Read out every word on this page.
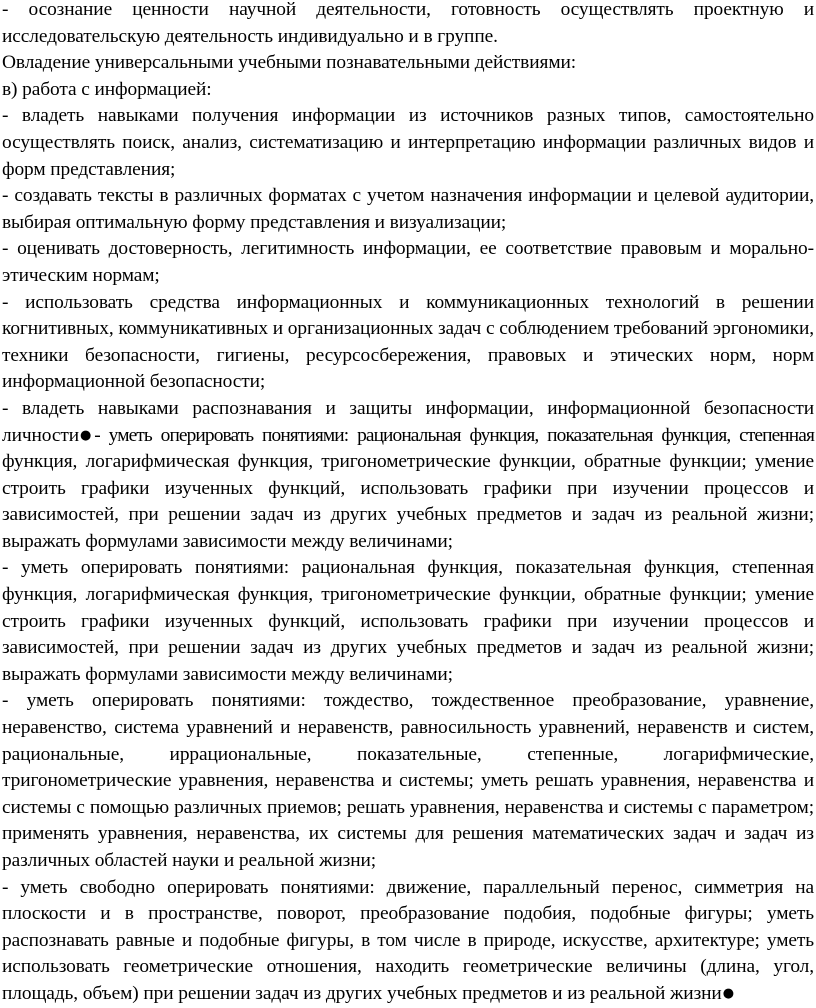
- осознание ценности научной деятельности, готовность осуществлять проектную и исследовательскую деятельность индивидуально и в группе.

Овладение универсальными учебными познавательными действиями:

в) работа с информацией:

- владеть навыками получения информации из источников разных типов, самостоятельно осуществлять поиск, анализ, систематизацию и интерпретацию информации различных видов и форм представления;

- создавать тексты в различных форматах с учетом назначения информации и целевой аудитории, выбирая оптимальную форму представления и визуализации;

- оценивать достоверность, легитимность информации, ее соответствие правовым и морально-этическим нормам;

- использовать средства информационных и коммуникационных технологий в решении когнитивных, коммуникативных и организационных задач с соблюдением требований эргономики, техники безопасности, гигиены, ресурсосбережения, правовых и этических норм, норм информационной безопасности;

- владеть навыками распознавания и защиты информации, информационной безопасности личности● - уметь оперировать понятиями: рациональная функция, показательная функция, степенная функция, логарифмическая функция, тригонометрические функции, обратные функции; умение строить графики изученных функций, использовать графики при изучении процессов и зависимостей, при решении задач из других учебных предметов и задач из реальной жизни; выражать формулами зависимости между величинами;

- уметь оперировать понятиями: рациональная функция, показательная функция, степенная функция, логарифмическая функция, тригонометрические функции, обратные функции; умение строить графики изученных функций, использовать графики при изучении процессов и зависимостей, при решении задач из других учебных предметов и задач из реальной жизни; выражать формулами зависимости между величинами;

- уметь оперировать понятиями: тождество, тождественное преобразование, уравнение, неравенство, система уравнений и неравенств, равносильность уравнений, неравенств и систем, рациональные, иррациональные, показательные, степенные, логарифмические, тригонометрические уравнения, неравенства и системы; уметь решать уравнения, неравенства и системы с помощью различных приемов; решать уравнения, неравенства и системы с параметром; применять уравнения, неравенства, их системы для решения математических задач и задач из различных областей науки и реальной жизни;

- уметь свободно оперировать понятиями: движение, параллельный перенос, симметрия на плоскости и в пространстве, поворот, преобразование подобия, подобные фигуры; уметь распознавать равные и подобные фигуры, в том числе в природе, искусстве, архитектуре; уметь использовать геометрические отношения, находить геометрические величины (длина, угол, площадь, объем) при решении задач из других учебных предметов и из реальной жизни●
